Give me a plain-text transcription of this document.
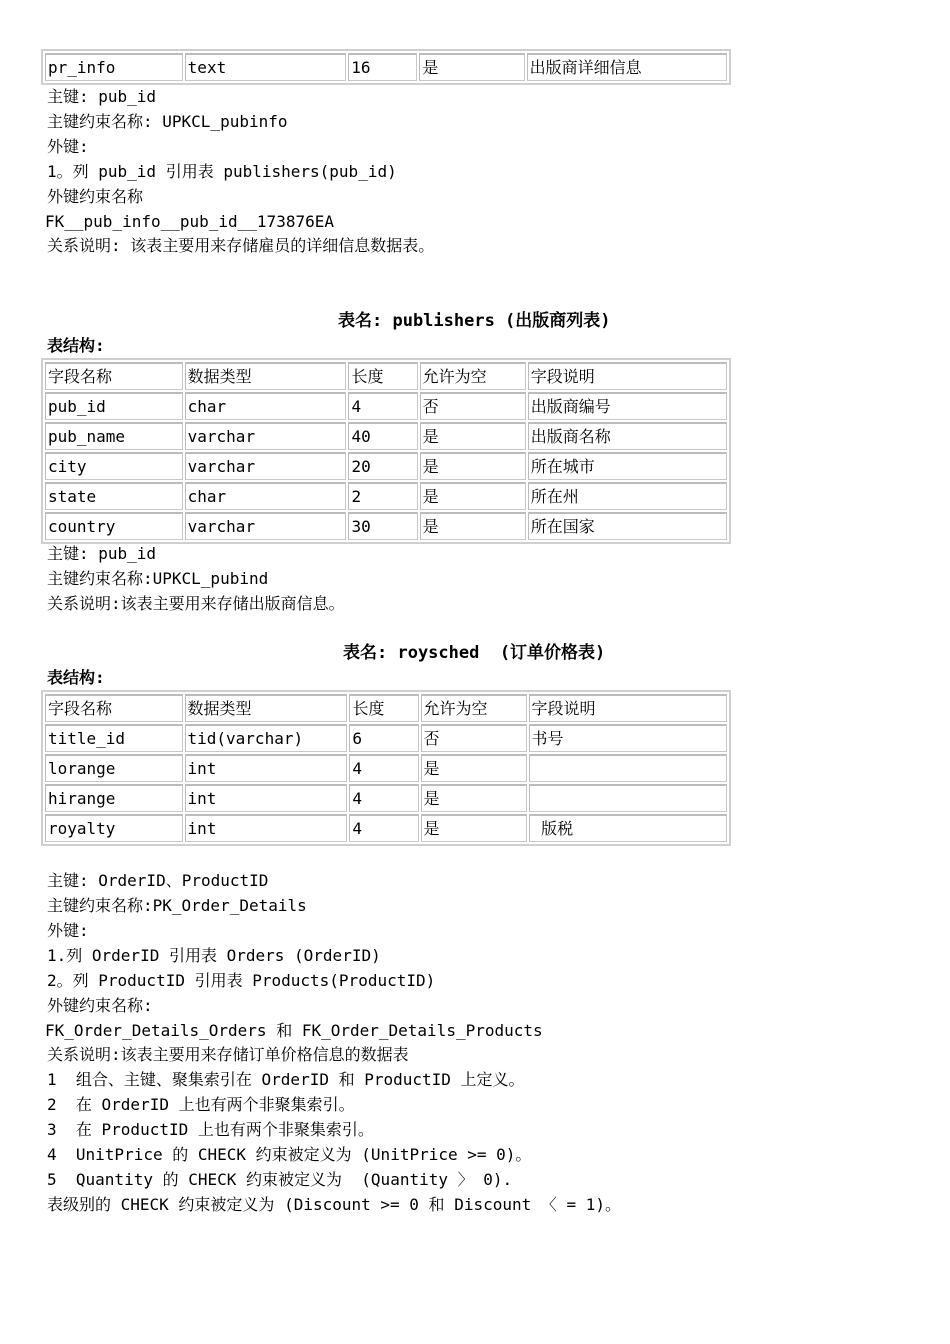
pr_info	text	16	是	出版商详细信息
主键: pub_id
主键约束名称: UPKCL_pubinfo
外键:
1。列 pub_id 引用表 publishers(pub_id)
外键约束名称
FK__pub_info__pub_id__173876EA
关系说明: 该表主要用来存储雇员的详细信息数据表。
表名: publishers (出版商列表)
表结构:
字段名称	数据类型	长度	允许为空	字段说明
pub_id	char	4	否	出版商编号
pub_name	varchar	40	是	出版商名称
city	varchar	20	是	所在城市
state	char	2	是	所在州
country	varchar	30	是	所在国家
主键: pub_id
主键约束名称:UPKCL_pubind
关系说明:该表主要用来存储出版商信息。
表名: roysched  (订单价格表)
表结构:
字段名称	数据类型	长度	允许为空	字段说明
title_id	tid(varchar)	6	否	书号
lorange	int	4	是	
hirange	int	4	是	
royalty	int	4	是	版税
主键: OrderID、ProductID
主键约束名称:PK_Order_Details
外键:
1.列 OrderID 引用表 Orders (OrderID)
2。列 ProductID 引用表 Products(ProductID)
外键约束名称:
FK_Order_Details_Orders 和 FK_Order_Details_Products
关系说明:该表主要用来存储订单价格信息的数据表
1  组合、主键、聚集索引在 OrderID 和 ProductID 上定义。
2  在 OrderID 上也有两个非聚集索引。
3  在 ProductID 上也有两个非聚集索引。
4  UnitPrice 的 CHECK 约束被定义为 (UnitPrice >= 0)。
5  Quantity 的 CHECK 约束被定义为  (Quantity 〉 0).
表级别的 CHECK 约束被定义为 (Discount >= 0 和 Discount 〈 = 1)。
